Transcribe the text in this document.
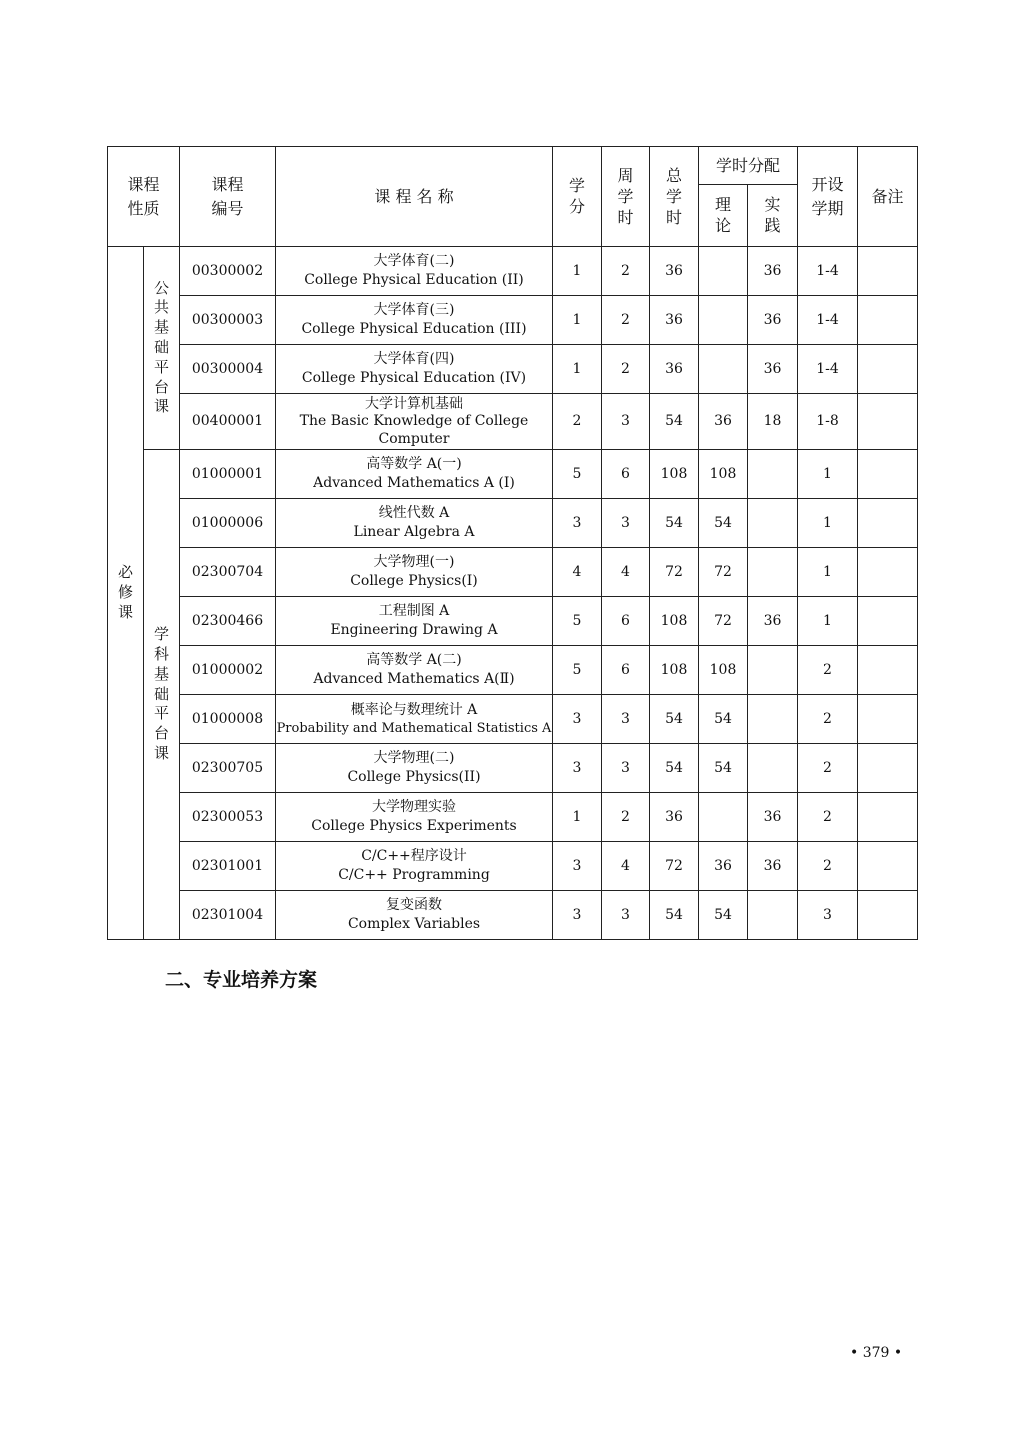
课程性质		课程编号	课 程 名 称	学分	周学时	总学时	学时分配		开设学期	备注
							理论	实践		
必修课	公共基础平台课	00300002	大学体育(二)
College Physical Education (II)	1	2	36		36	1-4	
		00300003	大学体育(三)
College Physical Education (III)	1	2	36		36	1-4	
		00300004	大学体育(四)
College Physical Education (IV)	1	2	36		36	1-4	
		00400001	大学计算机基础
The Basic Knowledge of College Computer	2	3	54	36	18	1-8	
	学科基础平台课	01000001	高等数学 A(一)
Advanced Mathematics A (Ⅰ)	5	6	108	108		1	
		01000006	线性代数 A
Linear Algebra A	3	3	54	54		1	
		02300704	大学物理(一)
College Physics(I)	4	4	72	72		1	
		02300466	工程制图 A
Engineering Drawing A	5	6	108	72	36	1	
		01000002	高等数学 A(二)
Advanced Mathematics A(Ⅱ)	5	6	108	108		2	
		01000008	概率论与数理统计 A
Probability and Mathematical Statistics A	3	3	54	54		2	
		02300705	大学物理(二)
College Physics(II)	3	3	54	54		2	
		02300053	大学物理实验
College Physics Experiments	1	2	36		36	2	
		02301001	C/C++程序设计
C/C++ Programming	3	4	72	36	36	2	
		02301004	复变函数
Complex Variables	3	3	54	54		3	
二、专业培养方案
• 379 •
